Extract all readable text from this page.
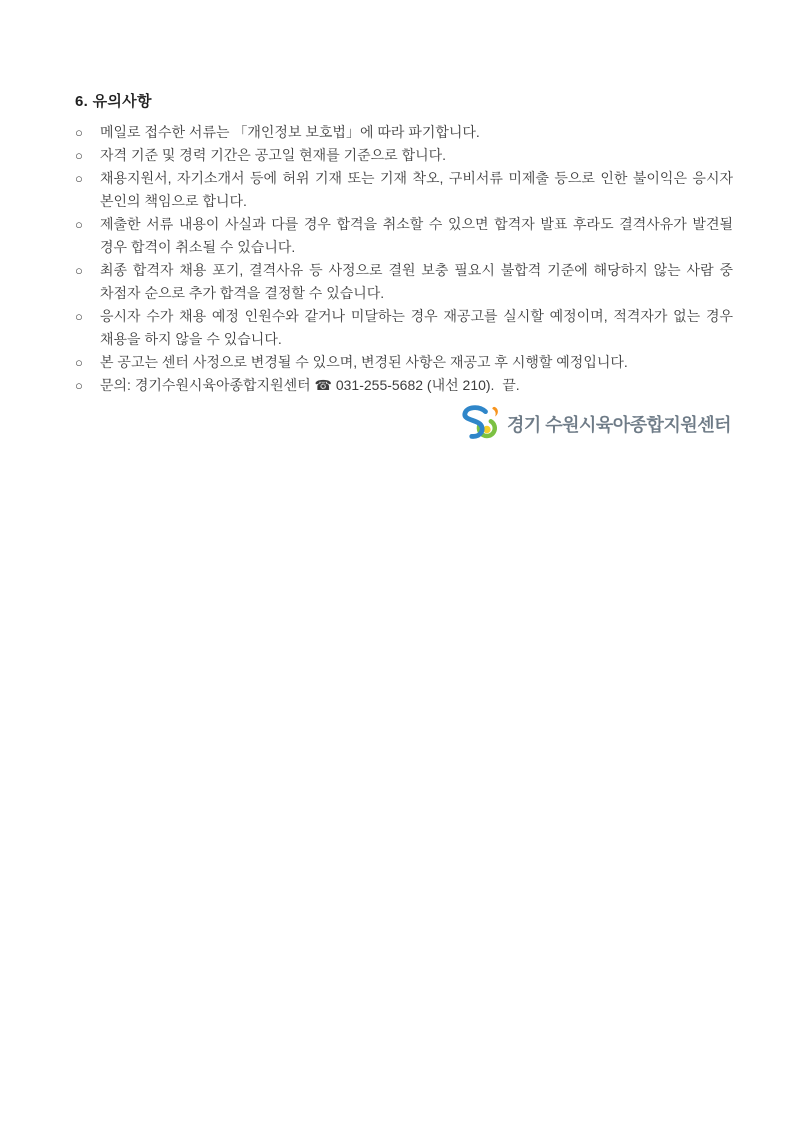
6. 유의사항
○	메일로 접수한 서류는 「개인정보 보호법」에 따라 파기합니다.
○	자격 기준 및 경력 기간은 공고일 현재를 기준으로 합니다.
○	채용지원서, 자기소개서 등에 허위 기재 또는 기재 착오, 구비서류 미제출 등으로 인한 불이익은 응시자 본인의 책임으로 합니다.
○	제출한 서류 내용이 사실과 다를 경우 합격을 취소할 수 있으면 합격자 발표 후라도 결격사유가 발견될 경우 합격이 취소될 수 있습니다.
○	최종 합격자 채용 포기, 결격사유 등 사정으로 결원 보충 필요시 불합격 기준에 해당하지 않는 사람 중 차점자 순으로 추가 합격을 결정할 수 있습니다.
○	응시자 수가 채용 예정 인원수와 같거나 미달하는 경우 재공고를 실시할 예정이며, 적격자가 없는 경우 채용을 하지 않을 수 있습니다.
○	본 공고는 센터 사정으로 변경될 수 있으며, 변경된 사항은 재공고 후 시행할 예정입니다.
○	문의: 경기수원시육아종합지원센터 ☎ 031-255-5682 (내선 210).  끝.
경기 수원시육아종합지원센터
